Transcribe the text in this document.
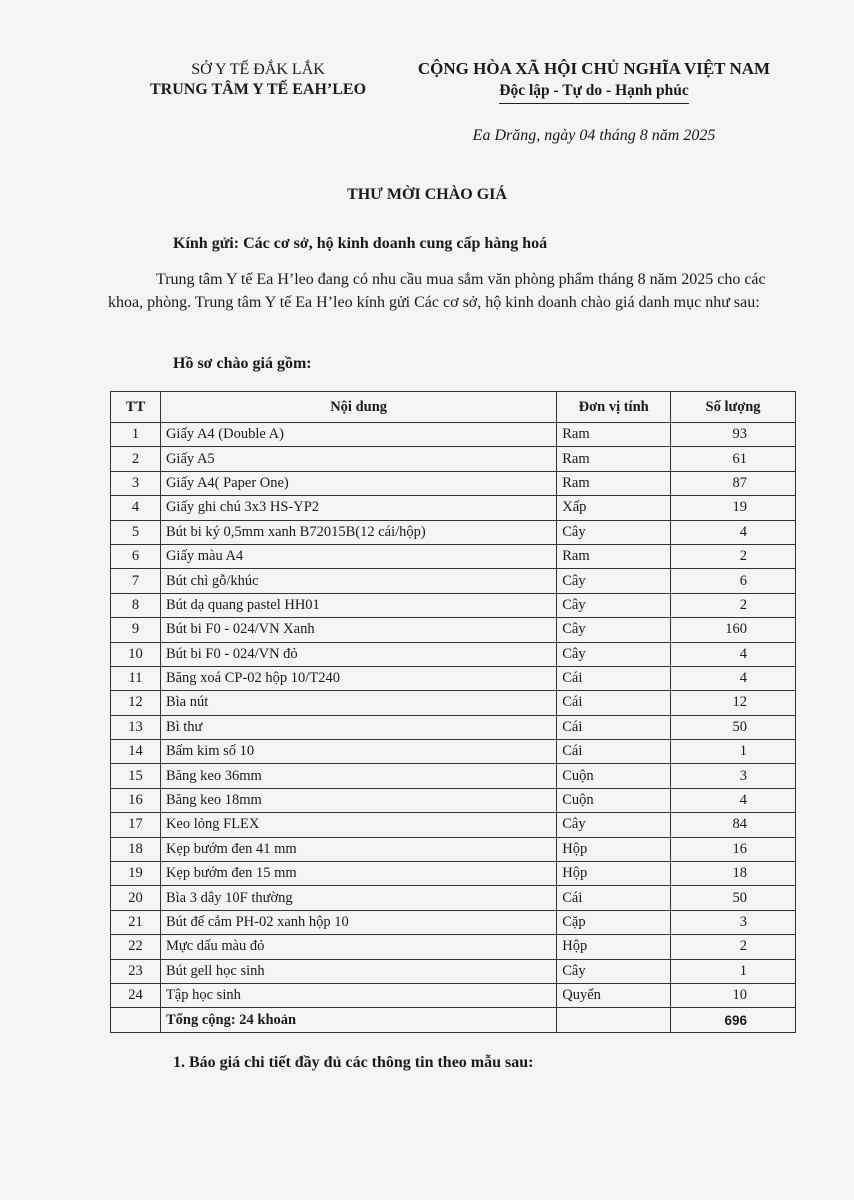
SỞ Y TẾ ĐẮK LẮK
TRUNG TÂM Y TẾ EAH’LEO
CỘNG HÒA XÃ HỘI CHỦ NGHĨA VIỆT NAM
Độc lập - Tự do - Hạnh phúc
Ea Drăng, ngày 04 tháng 8 năm 2025
THƯ MỜI CHÀO GIÁ
Kính gửi: Các cơ sở, hộ kinh doanh cung cấp hàng hoá
Trung tâm Y tế Ea H’leo đang có nhu cầu mua sắm văn phòng phẩm tháng 8 năm 2025 cho các khoa, phòng. Trung tâm Y tế Ea H’leo kính gửi Các cơ sở, hộ kinh doanh chào giá danh mục như sau:
Hồ sơ chào giá gồm:
TT	Nội dung	Đơn vị tính	Số lượng
1	Giấy A4 (Double A)	Ram	93
2	Giấy A5	Ram	61
3	Giấy A4( Paper One)	Ram	87
4	Giấy ghi chú 3x3 HS-YP2	Xấp	19
5	Bút bi ký 0,5mm xanh B72015B(12 cái/hộp)	Cây	4
6	Giấy màu A4	Ram	2
7	Bút chì gỗ/khúc	Cây	6
8	Bút dạ quang pastel HH01	Cây	2
9	Bút bi F0 - 024/VN Xanh	Cây	160
10	Bút bi F0 - 024/VN đỏ	Cây	4
11	Băng xoá CP-02 hộp 10/T240	Cái	4
12	Bìa nút	Cái	12
13	Bì thư	Cái	50
14	Bấm kim số 10	Cái	1
15	Băng keo 36mm	Cuộn	3
16	Băng keo 18mm	Cuộn	4
17	Keo lỏng FLEX	Cây	84
18	Kẹp bướm đen 41 mm	Hộp	16
19	Kẹp bướm đen 15 mm	Hộp	18
20	Bìa 3 dây 10F thường	Cái	50
21	Bút đế cắm PH-02 xanh hộp 10	Cặp	3
22	Mực dấu màu đỏ	Hộp	2
23	Bút gell học sinh	Cây	1
24	Tập học sinh	Quyển	10
	Tổng cộng: 24 khoản		696
1. Báo giá chi tiết đầy đủ các thông tin theo mẫu sau:
